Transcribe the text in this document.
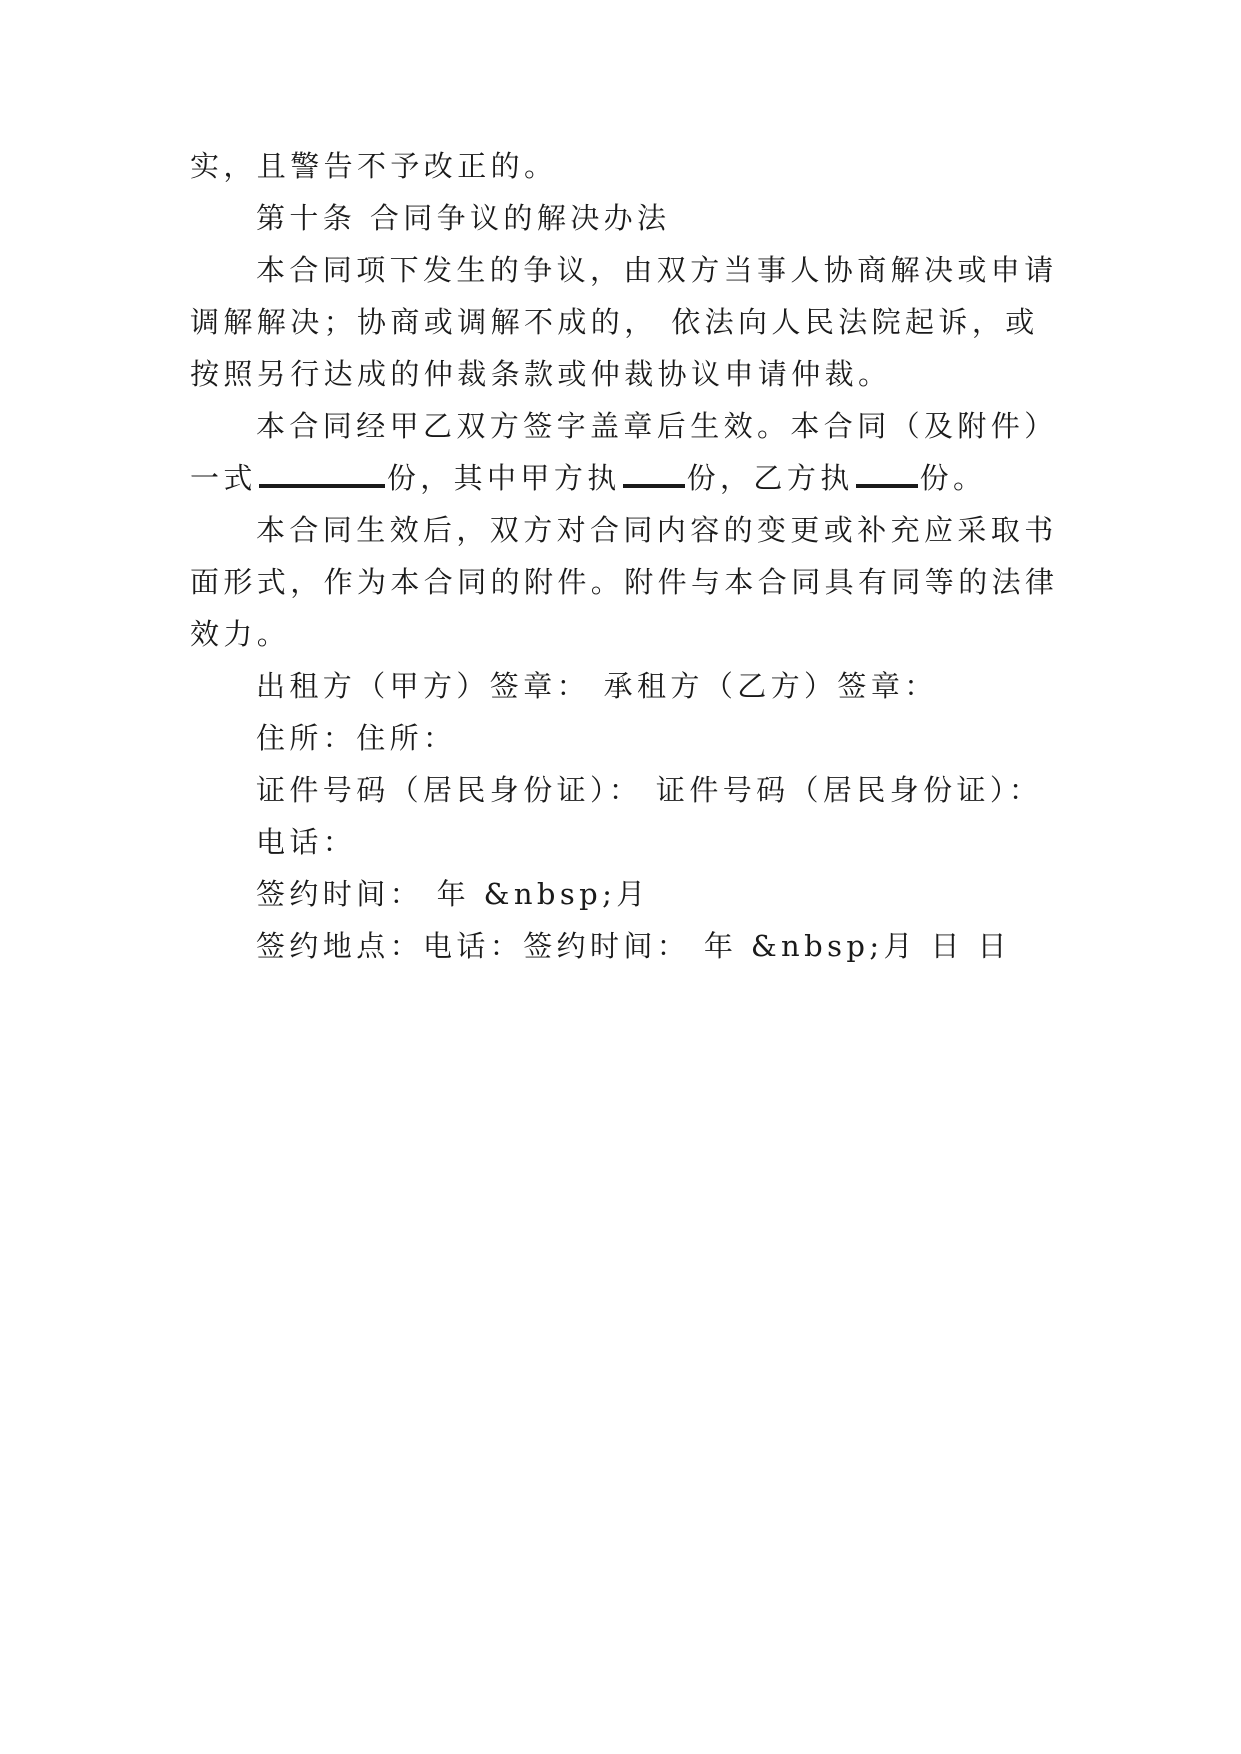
实，且警告不予改正的。
第十条 合同争议的解决办法
本合同项下发生的争议，由双方当事人协商解决或申请
调解解决；协商或调解不成的， 依法向人民法院起诉，或
按照另行达成的仲裁条款或仲裁协议申请仲裁。
本合同经甲乙双方签字盖章后生效。本合同（及附件）
一式	份，其中甲方执 份，乙方执 份。
本合同生效后，双方对合同内容的变更或补充应采取书
面形式，作为本合同的附件。附件与本合同具有同等的法律
效力。
出租方（甲方）签章： 承租方（乙方）签章：
住所：住所：
证件号码（居民身份证）： 证件号码（居民身份证）：
电话：
签约时间： 年 &nbsp;月
签约地点：电话：签约时间： 年 &nbsp;月 日 日
